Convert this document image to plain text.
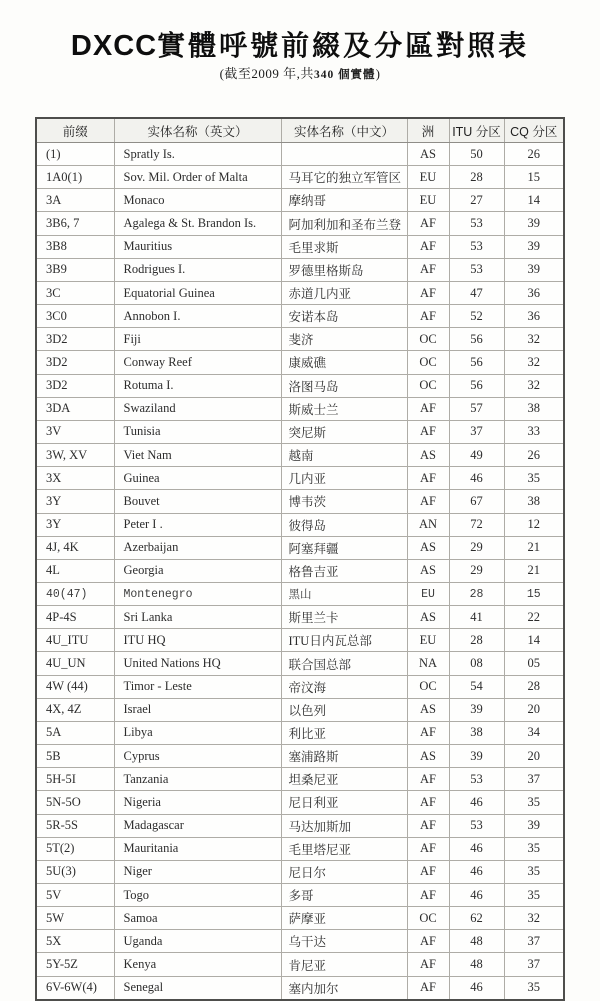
DXCC實體呼號前綴及分區對照表
(截至2009 年,共340 個實體)
前缀	实体名称（英文）	实体名称（中文）	洲	ITU 分区	CQ 分区
(1)	Spratly Is.		AS	50	26
1A0(1)	Sov. Mil. Order of Malta	马耳它的独立军管区	EU	28	15
3A	Monaco	摩纳哥	EU	27	14
3B6, 7	Agalega & St. Brandon Is.	阿加利加和圣布兰登	AF	53	39
3B8	Mauritius	毛里求斯	AF	53	39
3B9	Rodrigues I.	罗德里格斯岛	AF	53	39
3C	Equatorial Guinea	赤道几内亚	AF	47	36
3C0	Annobon I.	安诺本岛	AF	52	36
3D2	Fiji	斐济	OC	56	32
3D2	Conway Reef	康威礁	OC	56	32
3D2	Rotuma I.	洛图马岛	OC	56	32
3DA	Swaziland	斯威士兰	AF	57	38
3V	Tunisia	突尼斯	AF	37	33
3W, XV	Viet Nam	越南	AS	49	26
3X	Guinea	几内亚	AF	46	35
3Y	Bouvet	博韦茨	AF	67	38
3Y	Peter I .	彼得岛	AN	72	12
4J, 4K	Azerbaijan	阿塞拜疆	AS	29	21
4L	Georgia	格鲁吉亚	AS	29	21
40(47)	Montenegro	黑山	EU	28	15
4P-4S	Sri Lanka	斯里兰卡	AS	41	22
4U_ITU	ITU HQ	ITU日内瓦总部	EU	28	14
4U_UN	United Nations HQ	联合国总部	NA	08	05
4W (44)	Timor - Leste	帝汶海	OC	54	28
4X, 4Z	Israel	以色列	AS	39	20
5A	Libya	利比亚	AF	38	34
5B	Cyprus	塞浦路斯	AS	39	20
5H-5I	Tanzania	坦桑尼亚	AF	53	37
5N-5O	Nigeria	尼日利亚	AF	46	35
5R-5S	Madagascar	马达加斯加	AF	53	39
5T(2)	Mauritania	毛里塔尼亚	AF	46	35
5U(3)	Niger	尼日尔	AF	46	35
5V	Togo	多哥	AF	46	35
5W	Samoa	萨摩亚	OC	62	32
5X	Uganda	乌干达	AF	48	37
5Y-5Z	Kenya	肯尼亚	AF	48	37
6V-6W(4)	Senegal	塞内加尔	AF	46	35
